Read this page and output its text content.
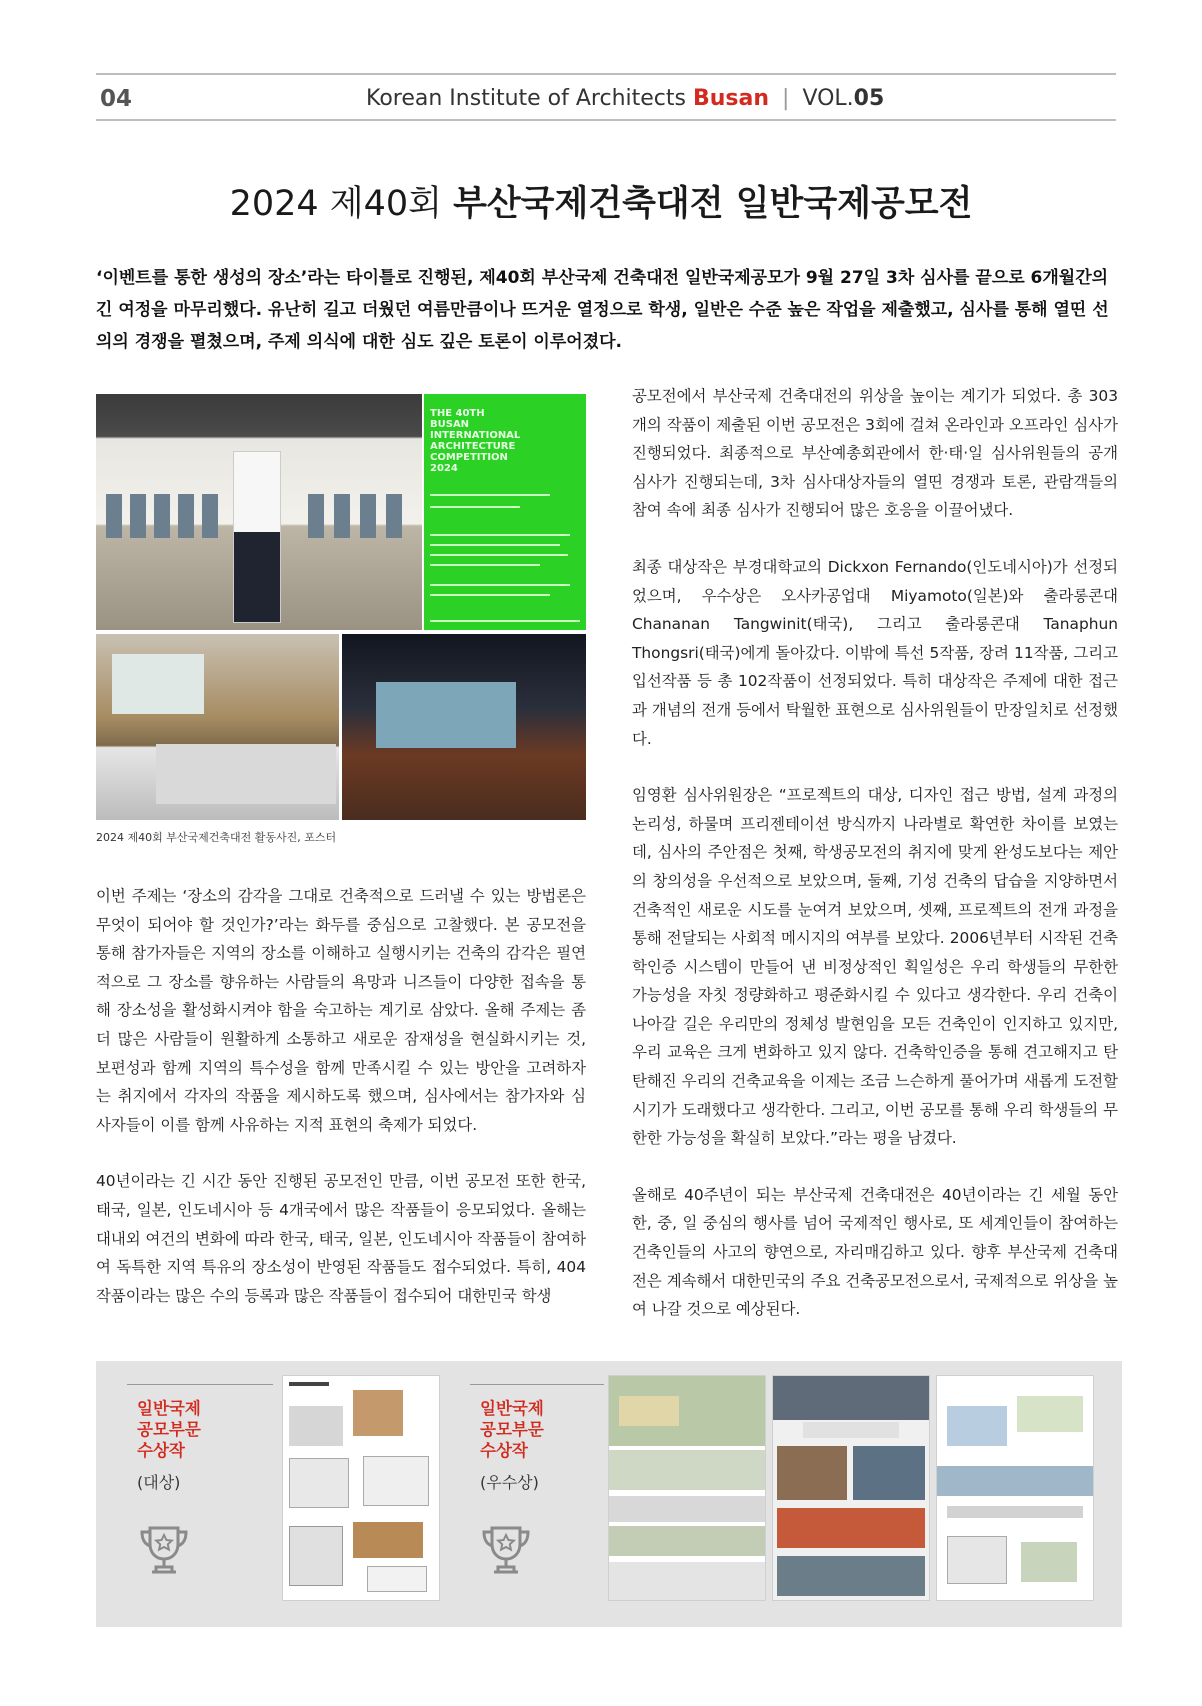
04	Korean Institute of Architects Busan | VOL.05
2024 제40회 부산국제건축대전 일반국제공모전
‘이벤트를 통한 생성의 장소’라는 타이틀로 진행된, 제40회 부산국제 건축대전 일반국제공모가 9월 27일 3차 심사를 끝으로 6개월간의 긴 여정을 마무리했다. 유난히 길고 더웠던 여름만큼이나 뜨거운 열정으로 학생, 일반은 수준 높은 작업을 제출했고, 심사를 통해 열띤 선의의 경쟁을 펼쳤으며, 주제 의식에 대한 심도 깊은 토론이 이루어졌다.
THE 40TH
BUSAN
INTERNATIONAL
ARCHITECTURE
COMPETITION
2024
2024 제40회 부산국제건축대전 활동사진, 포스터

이번 주제는 ‘장소의 감각을 그대로 건축적으로 드러낼 수 있는 방법론은 무엇이 되어야 할 것인가?’라는 화두를 중심으로 고찰했다. 본 공모전을 통해 참가자들은 지역의 장소를 이해하고 실행시키는 건축의 감각은 필연적으로 그 장소를 향유하는 사람들의 욕망과 니즈들이 다양한 접속을 통해 장소성을 활성화시켜야 함을 숙고하는 계기로 삼았다. 올해 주제는 좀 더 많은 사람들이 원활하게 소통하고 새로운 잠재성을 현실화시키는 것, 보편성과 함께 지역의 특수성을 함께 만족시킬 수 있는 방안을 고려하자는 취지에서 각자의 작품을 제시하도록 했으며, 심사에서는 참가자와 심사자들이 이를 함께 사유하는 지적 표현의 축제가 되었다.

40년이라는 긴 시간 동안 진행된 공모전인 만큼, 이번 공모전 또한 한국, 태국, 일본, 인도네시아 등 4개국에서 많은 작품들이 응모되었다. 올해는 대내외 여건의 변화에 따라 한국, 태국, 일본, 인도네시아 작품들이 참여하여 독특한 지역 특유의 장소성이 반영된 작품들도 접수되었다. 특히, 404작품이라는 많은 수의 등록과 많은 작품들이 접수되어 대한민국 학생

공모전에서 부산국제 건축대전의 위상을 높이는 계기가 되었다. 총 303개의 작품이 제출된 이번 공모전은 3회에 걸쳐 온라인과 오프라인 심사가 진행되었다. 최종적으로 부산예총회관에서 한·태·일 심사위원들의 공개 심사가 진행되는데, 3차 심사대상자들의 열띤 경쟁과 토론, 관람객들의 참여 속에 최종 심사가 진행되어 많은 호응을 이끌어냈다.

최종 대상작은 부경대학교의 Dickxon Fernando(인도네시아)가 선정되었으며, 우수상은 오사카공업대 Miyamoto(일본)와 출라롱콘대 Chananan Tangwinit(태국), 그리고 출라롱콘대 Tanaphun Thongsri(태국)에게 돌아갔다. 이밖에 특선 5작품, 장려 11작품, 그리고 입선작품 등 총 102작품이 선정되었다. 특히 대상작은 주제에 대한 접근과 개념의 전개 등에서 탁월한 표현으로 심사위원들이 만장일치로 선정했다.

임영환 심사위원장은 “프로젝트의 대상, 디자인 접근 방법, 설계 과정의 논리성, 하물며 프리젠테이션 방식까지 나라별로 확연한 차이를 보였는데, 심사의 주안점은 첫째, 학생공모전의 취지에 맞게 완성도보다는 제안의 창의성을 우선적으로 보았으며, 둘째, 기성 건축의 답습을 지양하면서 건축적인 새로운 시도를 눈여겨 보았으며, 셋째, 프로젝트의 전개 과정을 통해 전달되는 사회적 메시지의 여부를 보았다. 2006년부터 시작된 건축학인증 시스템이 만들어 낸 비정상적인 획일성은 우리 학생들의 무한한 가능성을 자칫 정량화하고 평준화시킬 수 있다고 생각한다. 우리 건축이 나아갈 길은 우리만의 정체성 발현임을 모든 건축인이 인지하고 있지만, 우리 교육은 크게 변화하고 있지 않다. 건축학인증을 통해 견고해지고 탄탄해진 우리의 건축교육을 이제는 조금 느슨하게 풀어가며 새롭게 도전할 시기가 도래했다고 생각한다. 그리고, 이번 공모를 통해 우리 학생들의 무한한 가능성을 확실히 보았다.”라는 평을 남겼다.

올해로 40주년이 되는 부산국제 건축대전은 40년이라는 긴 세월 동안 한, 중, 일 중심의 행사를 넘어 국제적인 행사로, 또 세계인들이 참여하는 건축인들의 사고의 향연으로, 자리매김하고 있다. 향후 부산국제 건축대전은 계속해서 대한민국의 주요 건축공모전으로서, 국제적으로 위상을 높여 나갈 것으로 예상된다.

일반국제
공모부문
수상작
(대상)
일반국제
공모부문
수상작
(우수상)
